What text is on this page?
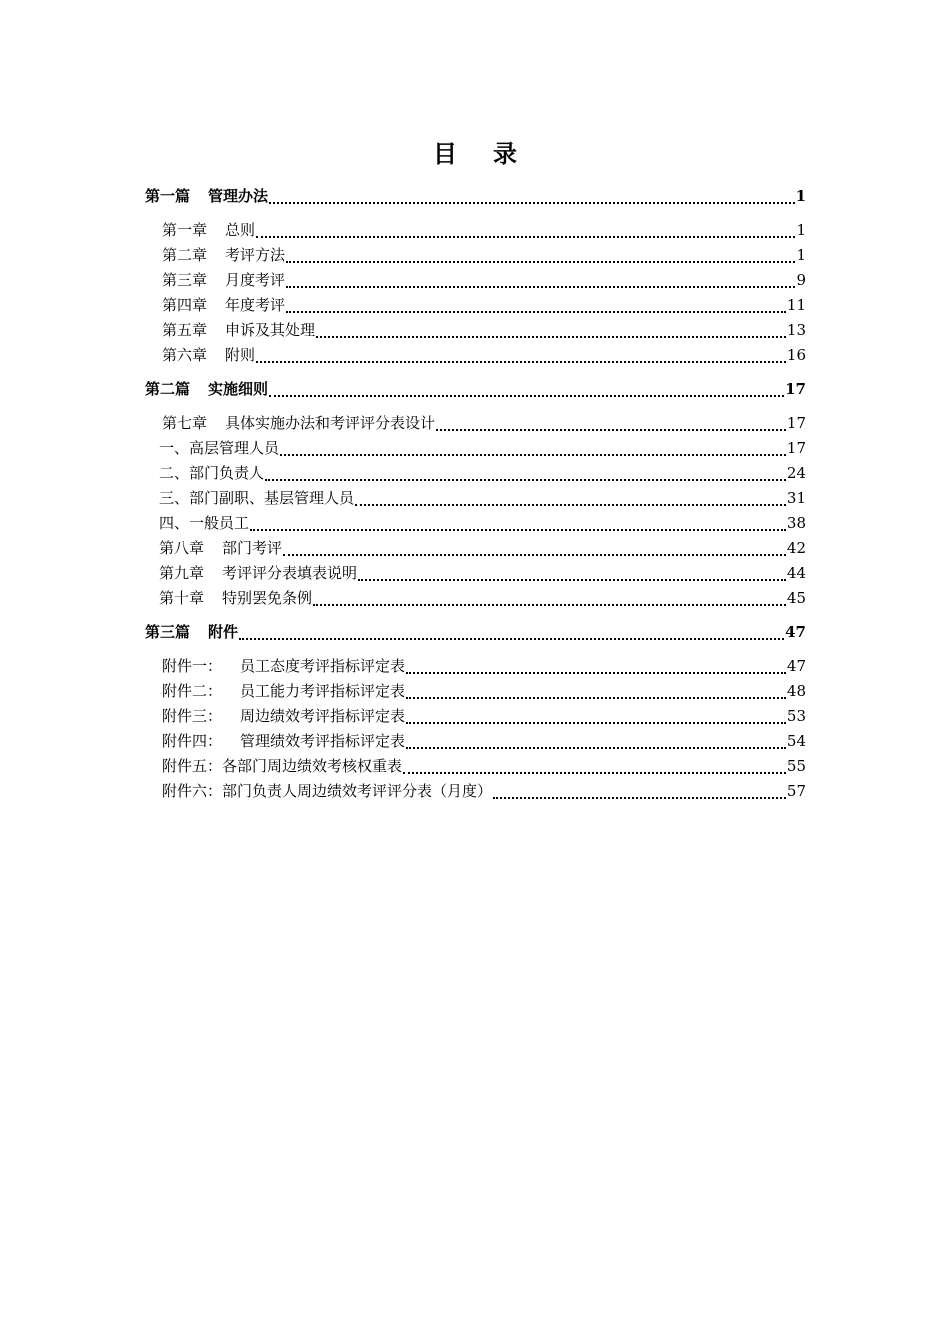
目 录
第一篇 管理办法	1
第一章 总则	1
第二章 考评方法	1
第三章 月度考评	9
第四章 年度考评	11
第五章 申诉及其处理	13
第六章 附则	16
第二篇 实施细则	17
第七章 具体实施办法和考评评分表设计	17
一、高层管理人员	17
二、部门负责人	24
三、部门副职、基层管理人员	31
四、一般员工	38
第八章 部门考评	42
第九章 考评评分表填表说明	44
第十章 特别罢免条例	45
第三篇 附件	47
附件一： 员工态度考评指标评定表	47
附件二： 员工能力考评指标评定表	48
附件三： 周边绩效考评指标评定表	53
附件四： 管理绩效考评指标评定表	54
附件五：各部门周边绩效考核权重表	55
附件六：部门负责人周边绩效考评评分表（月度）	57
